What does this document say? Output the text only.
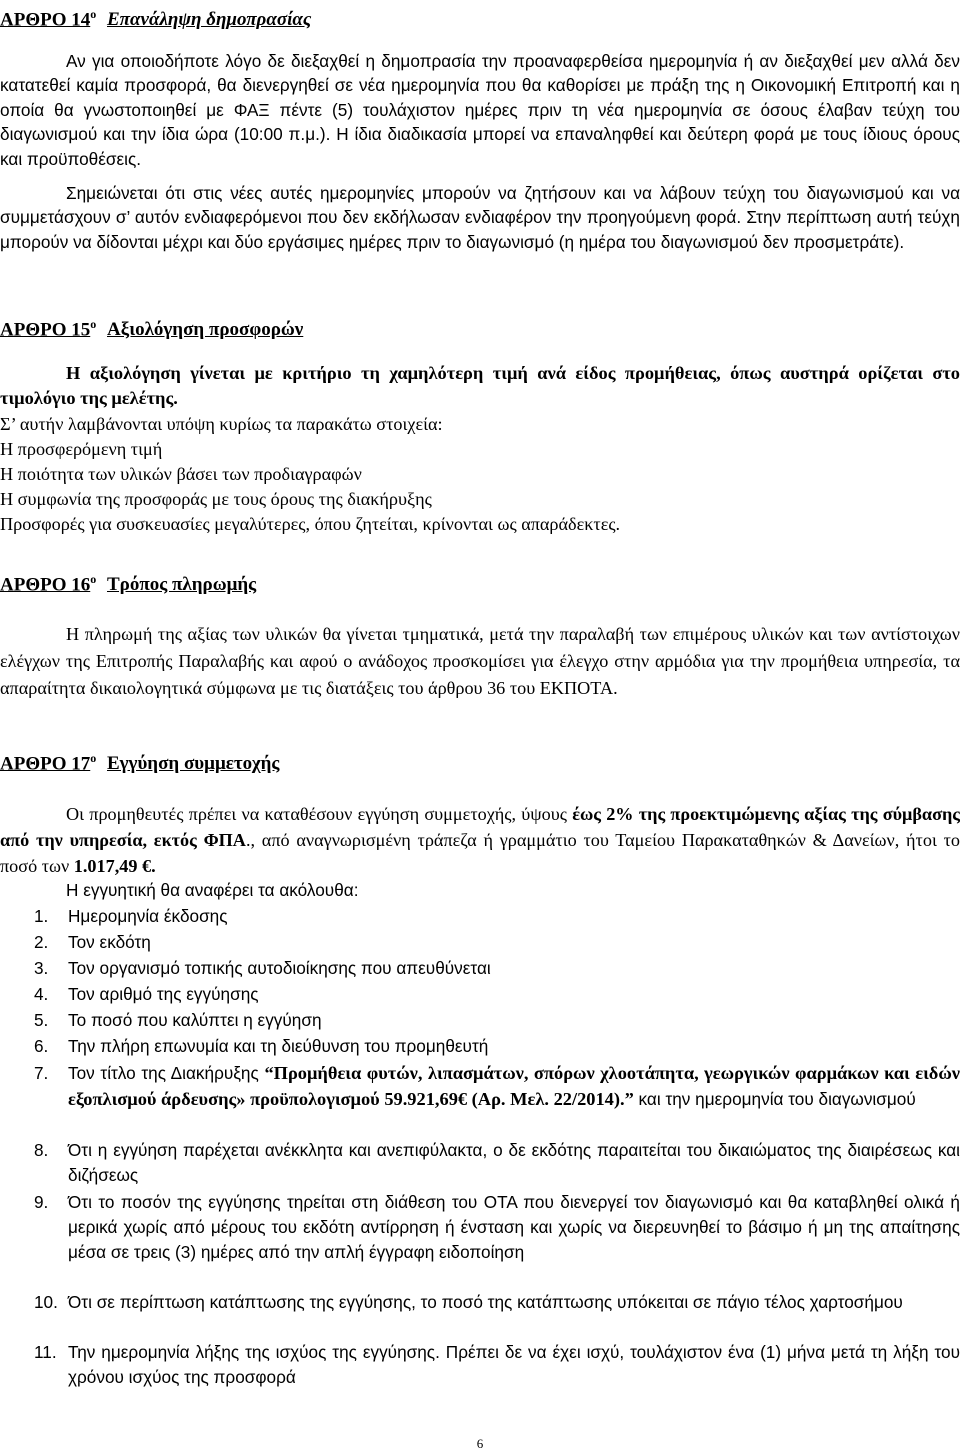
ΑΡΘΡΟ $14^o$ Επανάληψη δημοπρασίας

Αν για οποιοδήποτε λόγο δε διεξαχθεί η δημοπρασία την προαναφερθείσα ημερομηνία ή αν διεξαχθεί μεν αλλά δεν κατατεθεί καμία προσφορά, θα διενεργηθεί σε νέα ημερομηνία που θα καθορίσει με πράξη της η Οικονομική Επιτροπή και η οποία θα γνωστοποιηθεί με ΦΑΞ πέντε (5) τουλάχιστον ημέρες πριν τη νέα ημερομηνία σε όσους έλαβαν τεύχη του διαγωνισμού και την ίδια ώρα (10:00 π.μ.). Η ίδια διαδικασία μπορεί να επαναληφθεί και δεύτερη φορά με τους ίδιους όρους και προϋποθέσεις.

Σημειώνεται ότι στις νέες αυτές ημερομηνίες μπορούν να ζητήσουν και να λάβουν τεύχη του διαγωνισμού και να συμμετάσχουν σ’ αυτόν ενδιαφερόμενοι που δεν εκδήλωσαν ενδιαφέρον την προηγούμενη φορά. Στην περίπτωση αυτή τεύχη μπορούν να δίδονται μέχρι και δύο εργάσιμες ημέρες πριν το διαγωνισμό (η ημέρα του διαγωνισμού δεν προσμετράτε).

ΑΡΘΡΟ $15^o$ Αξιολόγηση προσφορών

Η αξιολόγηση γίνεται με κριτήριο τη χαμηλότερη τιμή ανά είδος προμήθειας, όπως αυστηρά ορίζεται στο τιμολόγιο της μελέτης.

Σ’ αυτήν λαμβάνονται υπόψη κυρίως τα παρακάτω στοιχεία:

Η προσφερόμενη τιμή

Η ποιότητα των υλικών βάσει των προδιαγραφών

Η συμφωνία της προσφοράς με τους όρους της διακήρυξης

Προσφορές για συσκευασίες μεγαλύτερες, όπου ζητείται, κρίνονται ως απαράδεκτες.

ΑΡΘΡΟ $16^o$ Τρόπος πληρωμής

Η πληρωμή της αξίας των υλικών θα γίνεται τμηματικά, μετά την παραλαβή των επιμέρους υλικών και των αντίστοιχων ελέγχων της Επιτροπής Παραλαβής και αφού ο ανάδοχος προσκομίσει για έλεγχο στην αρμόδια για την προμήθεια υπηρεσία, τα απαραίτητα δικαιολογητικά σύμφωνα με τις διατάξεις του άρθρου 36 του ΕΚΠΟΤΑ.

ΑΡΘΡΟ $17^o$ Εγγύηση συμμετοχής

Οι προμηθευτές πρέπει να καταθέσουν εγγύηση συμμετοχής, ύψους έως 2% της προεκτιμώμενης αξίας της σύμβασης από την υπηρεσία, εκτός ΦΠΑ., από αναγνωρισμένη τράπεζα ή γραμμάτιο του Ταμείου Παρακαταθηκών & Δανείων, ήτοι το ποσό των 1.017,49 €.

Η εγγυητική θα αναφέρει τα ακόλουθα:

1. Ημερομηνία έκδοσης
2. Τον εκδότη
3. Τον οργανισμό τοπικής αυτοδιοίκησης που απευθύνεται
4. Τον αριθμό της εγγύησης
5. Το ποσό που καλύπτει η εγγύηση
6. Την πλήρη επωνυμία και τη διεύθυνση του προμηθευτή
7. Τον τίτλο της Διακήρυξης “Προμήθεια φυτών, λιπασμάτων, σπόρων χλοοτάπητα, γεωργικών φαρμάκων και ειδών εξοπλισμού άρδευσης» προϋπολογισμού 59.921,69€ (Αρ. Μελ. 22/2014).” και την ημερομηνία του διαγωνισμού
8. Ότι η εγγύηση παρέχεται ανέκκλητα και ανεπιφύλακτα, ο δε εκδότης παραιτείται του δικαιώματος της διαιρέσεως και διζήσεως
9. Ότι το ποσόν της εγγύησης τηρείται στη διάθεση του ΟΤΑ που διενεργεί τον διαγωνισμό και θα καταβληθεί ολικά ή μερικά χωρίς από μέρους του εκδότη αντίρρηση ή ένσταση και χωρίς να διερευνηθεί το βάσιμο ή μη της απαίτησης μέσα σε τρεις (3) ημέρες από την απλή έγγραφη ειδοποίηση
10. Ότι σε περίπτωση κατάπτωσης της εγγύησης, το ποσό της κατάπτωσης υπόκειται σε πάγιο τέλος χαρτοσήμου
11. Την ημερομηνία λήξης της ισχύος της εγγύησης. Πρέπει δε να έχει ισχύ, τουλάχιστον ένα (1) μήνα μετά τη λήξη του χρόνου ισχύος της προσφορά
6
